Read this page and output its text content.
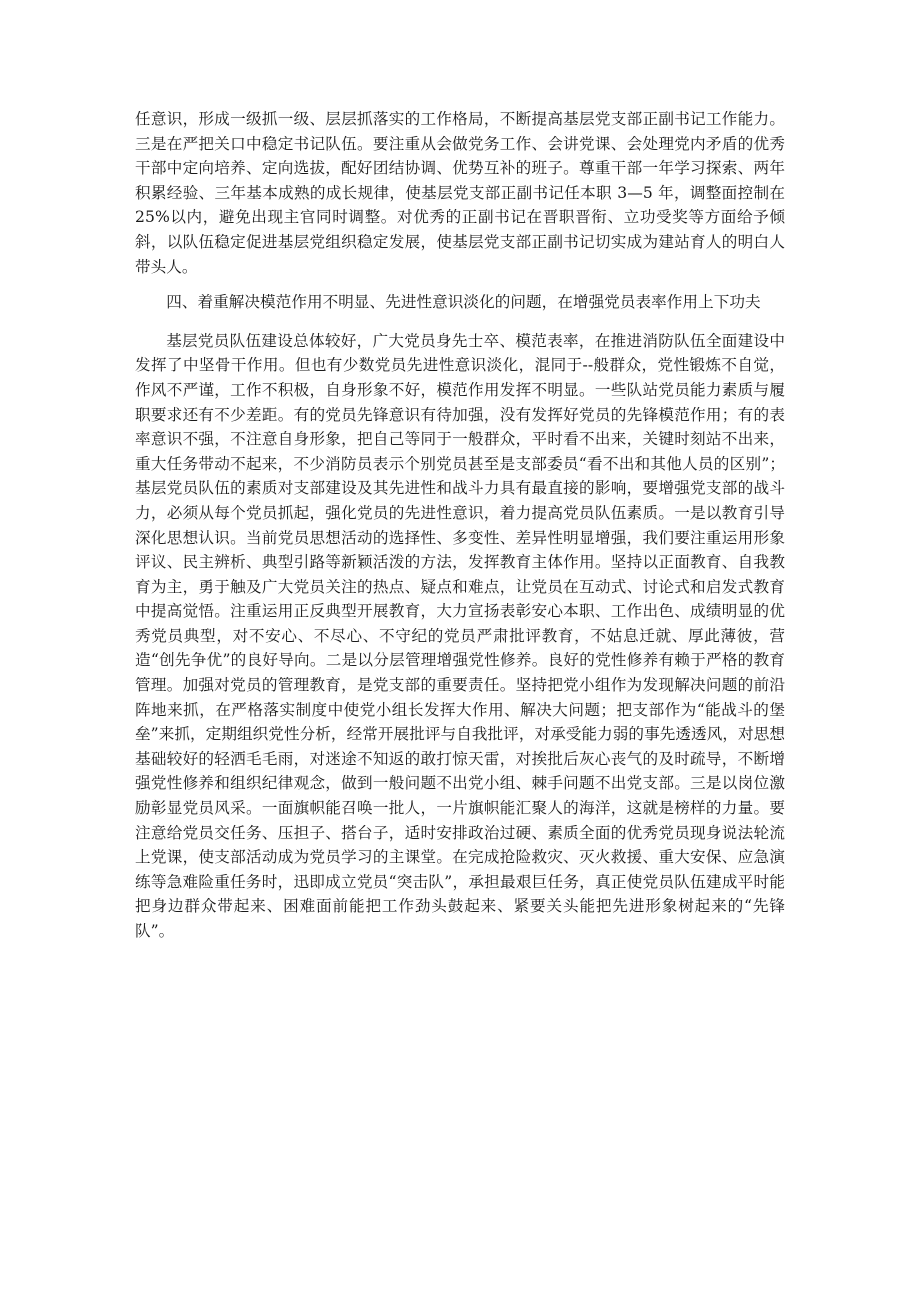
任意识，形成一级抓一级、层层抓落实的工作格局，不断提高基层党支部正副书记工作能力。三是在严把关口中稳定书记队伍。要注重从会做党务工作、会讲党课、会处理党内矛盾的优秀干部中定向培养、定向选拔，配好团结协调、优势互补的班子。尊重干部一年学习探索、两年积累经验、三年基本成熟的成长规律，使基层党支部正副书记任本职 3—5 年，调整面控制在 25%以内，避免出现主官同时调整。对优秀的正副书记在晋职晋衔、立功受奖等方面给予倾斜，以队伍稳定促进基层党组织稳定发展，使基层党支部正副书记切实成为建站育人的明白人带头人。

四、着重解决模范作用不明显、先进性意识淡化的问题，在增强党员表率作用上下功夫

基层党员队伍建设总体较好，广大党员身先士卒、模范表率，在推进消防队伍全面建设中发挥了中坚骨干作用。但也有少数党员先进性意识淡化，混同于--般群众，党性锻炼不自觉，作风不严谨，工作不积极，自身形象不好，模范作用发挥不明显。一些队站党员能力素质与履职要求还有不少差距。有的党员先锋意识有待加强，没有发挥好党员的先锋模范作用；有的表率意识不强，不注意自身形象，把自己等同于一般群众，平时看不出来，关键时刻站不出来，重大任务带动不起来，不少消防员表示个别党员甚至是支部委员“看不出和其他人员的区别”；基层党员队伍的素质对支部建设及其先进性和战斗力具有最直接的影响，要增强党支部的战斗力，必须从每个党员抓起，强化党员的先进性意识，着力提高党员队伍素质。一是以教育引导深化思想认识。当前党员思想活动的选择性、多变性、差异性明显增强，我们要注重运用形象评议、民主辨析、典型引路等新颖活泼的方法，发挥教育主体作用。坚持以正面教育、自我教育为主，勇于触及广大党员关注的热点、疑点和难点，让党员在互动式、讨论式和启发式教育中提高觉悟。注重运用正反典型开展教育，大力宣扬表彰安心本职、工作出色、成绩明显的优秀党员典型，对不安心、不尽心、不守纪的党员严肃批评教育，不姑息迁就、厚此薄彼，营造“创先争优”的良好导向。二是以分层管理增强党性修养。良好的党性修养有赖于严格的教育管理。加强对党员的管理教育，是党支部的重要责任。坚持把党小组作为发现解决问题的前沿阵地来抓，在严格落实制度中使党小组长发挥大作用、解决大问题；把支部作为“能战斗的堡垒”来抓，定期组织党性分析，经常开展批评与自我批评，对承受能力弱的事先透透风，对思想基础较好的轻洒毛毛雨，对迷途不知返的敢打惊天雷，对挨批后灰心丧气的及时疏导，不断增强党性修养和组织纪律观念，做到一般问题不出党小组、棘手问题不出党支部。三是以岗位激励彰显党员风采。一面旗帜能召唤一批人，一片旗帜能汇聚人的海洋，这就是榜样的力量。要注意给党员交任务、压担子、搭台子，适时安排政治过硬、素质全面的优秀党员现身说法轮流上党课，使支部活动成为党员学习的主课堂。在完成抢险救灾、灭火救援、重大安保、应急演练等急难险重任务时，迅即成立党员“突击队”，承担最艰巨任务，真正使党员队伍建成平时能把身边群众带起来、困难面前能把工作劲头鼓起来、紧要关头能把先进形象树起来的“先锋队”。
